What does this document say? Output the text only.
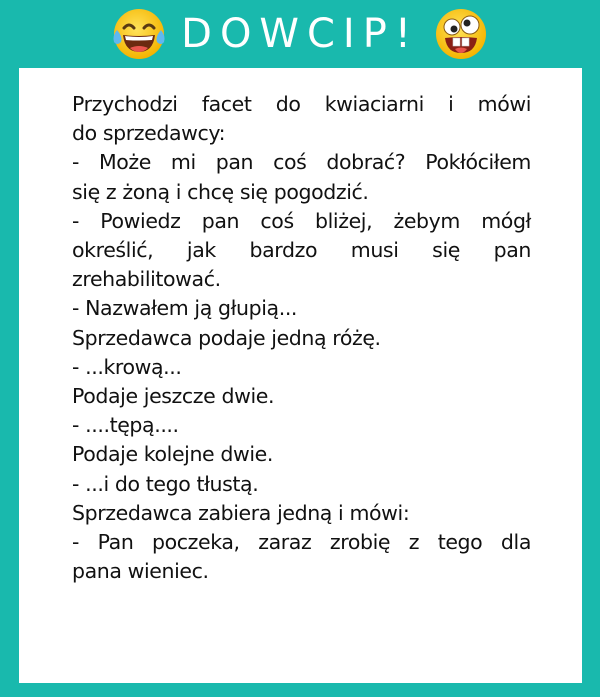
DOWCIP!
Przychodzi facet do kwiaciarni i mówi
do sprzedawcy:
- Może mi pan coś dobrać? Pokłóciłem
się z żoną i chcę się pogodzić.
- Powiedz pan coś bliżej, żebym mógł
określić, jak bardzo musi się pan
zrehabilitować.
- Nazwałem ją głupią...
Sprzedawca podaje jedną różę.
- ...krową...
Podaje jeszcze dwie.
- ....tępą....
Podaje kolejne dwie.
- ...i do tego tłustą.
Sprzedawca zabiera jedną i mówi:
- Pan poczeka, zaraz zrobię z tego dla
pana wieniec.
